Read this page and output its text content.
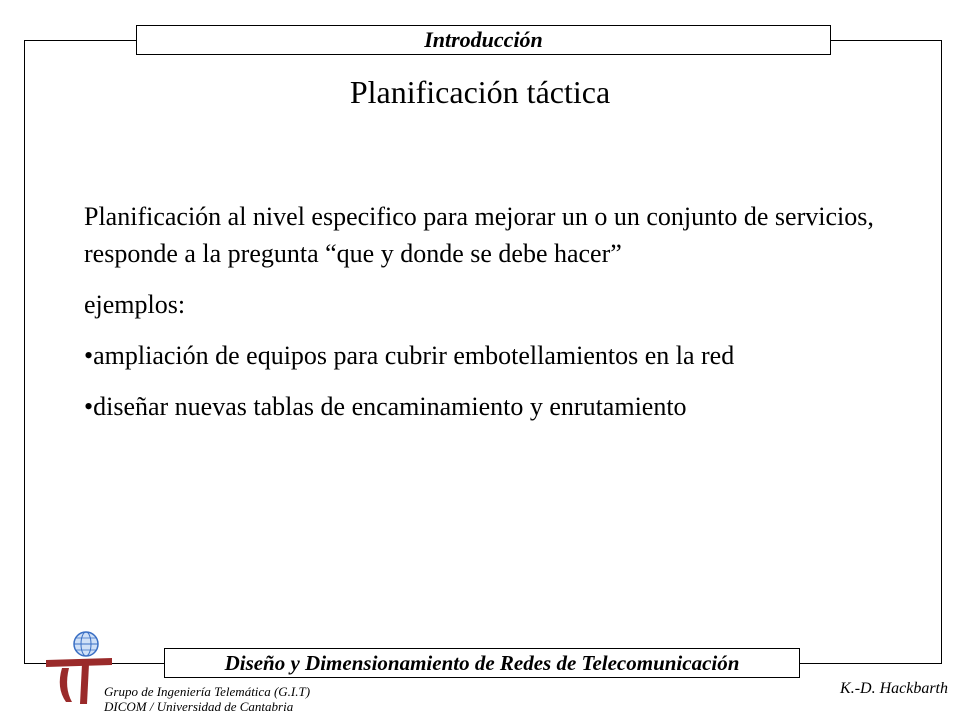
Introducción
Planificación táctica

Planificación al nivel especifico para mejorar un o un conjunto de servicios, responde a la pregunta “que y donde se debe hacer”

ejemplos:

•ampliación de equipos para cubrir embotellamientos en la red

•diseñar nuevas tablas de encaminamiento y enrutamiento

Diseño y Dimensionamiento de Redes de Telecomunicación
Grupo de Ingeniería Telemática (G.I.T)
DICOM / Universidad de Cantabria
K.-D. Hackbarth
